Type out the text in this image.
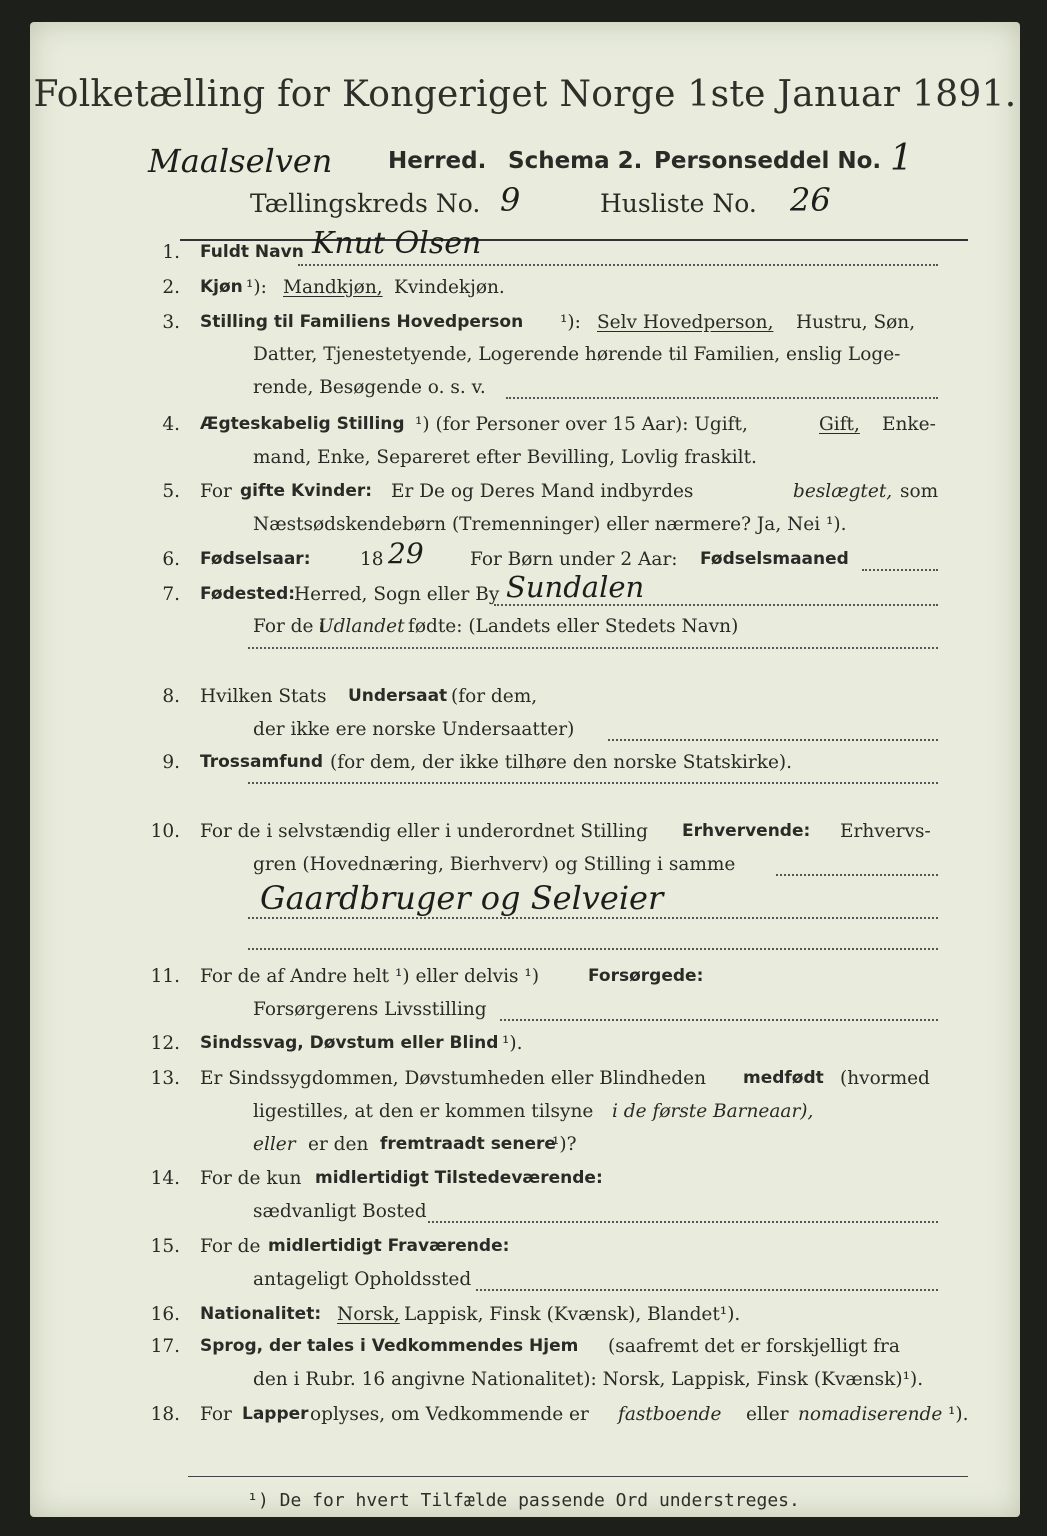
Folketælling for Kongeriget Norge 1ste Januar 1891.
Maalselven Herred. Schema 2. Personseddel No. 1
Tællingskreds No. 9	Husliste No. 26
1. Fuldt Navn Knut Olsen
2. Kjøn ¹): Mandkjøn, Kvindekjøn.
3. Stilling til Familiens Hovedperson ¹): Selv Hovedperson, Hustru, Søn,
Datter, Tjenestetyende, Logerende hørende til Familien, enslig Loge-
rende, Besøgende o. s. v.
4. Ægteskabelig Stilling ¹) (for Personer over 15 Aar): Ugift,	Gift, Enke-
mand, Enke, Separeret efter Bevilling, Lovlig fraskilt.
5. For gifte Kvinder: Er De og Deres Mand indbyrdes	beslægtet, som
Næstsødskendebørn (Tremenninger) eller nærmere? Ja, Nei ¹).
6. Fødselsaar:	18 29	For Børn under 2 Aar: Fødselsmaaned
7. Fødested:
Herred, Sogn eller By Sundalen
For de i
Udlandet fødte: (Landets eller Stedets Navn)
8. Hvilken Stats Undersaat (for dem,
der ikke ere norske Undersaatter)
9. Trossamfund (for dem, der ikke tilhøre den norske Statskirke).
10. For de i selvstændig eller i underordnet Stilling Erhvervende: Erhvervs-
gren (Hovednæring, Bierhverv) og Stilling i samme
Gaardbruger og Selveier
11. For de af Andre helt ¹) eller delvis ¹)	Forsørgede:
Forsørgerens Livsstilling
12. Sindssvag, Døvstum eller Blind ¹).
13. Er Sindssygdommen, Døvstumheden eller Blindheden medfødt (hvormed
ligestilles, at den er kommen tilsyne i de første Barneaar),
eller er den fremtraadt senere
¹)?
14. For de kun midlertidigt Tilstedeværende:
sædvanligt Bosted
15. For de midlertidigt Fraværende:
antageligt Opholdssted
16. Nationalitet: Norsk, Lappisk, Finsk (Kvænsk), Blandet¹).
17. Sprog, der tales i Vedkommendes Hjem (saafremt det er forskjelligt fra
den i Rubr. 16 angivne Nationalitet): Norsk, Lappisk, Finsk (Kvænsk)¹).
18. For Lapper oplyses, om Vedkommende er fastboende eller nomadiserende ¹).
¹) De for hvert Tilfælde passende Ord understreges.
